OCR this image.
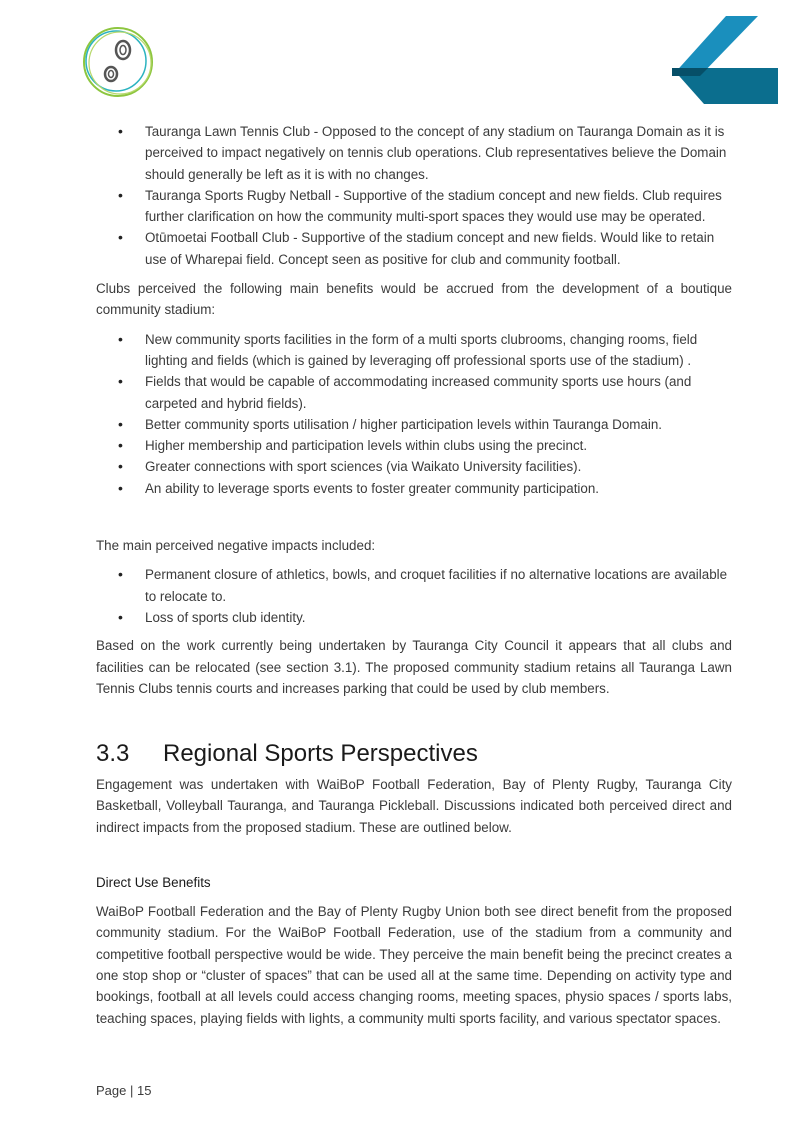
• Tauranga Lawn Tennis Club - Opposed to the concept of any stadium on Tauranga Domain as it is perceived to impact negatively on tennis club operations. Club representatives believe the Domain should generally be left as it is with no changes.
• Tauranga Sports Rugby Netball - Supportive of the stadium concept and new fields. Club requires further clarification on how the community multi-sport spaces they would use may be operated.
• Otūmoetai Football Club - Supportive of the stadium concept and new fields. Would like to retain use of Wharepai field. Concept seen as positive for club and community football.

Clubs perceived the following main benefits would be accrued from the development of a boutique community stadium:

• New community sports facilities in the form of a multi sports clubrooms, changing rooms, field lighting and fields (which is gained by leveraging off professional sports use of the stadium) .
• Fields that would be capable of accommodating increased community sports use hours (and carpeted and hybrid fields).
• Better community sports utilisation / higher participation levels within Tauranga Domain.
• Higher membership and participation levels within clubs using the precinct.
• Greater connections with sport sciences (via Waikato University facilities).
• An ability to leverage sports events to foster greater community participation.

The main perceived negative impacts included:

• Permanent closure of athletics, bowls, and croquet facilities if no alternative locations are available to relocate to.
• Loss of sports club identity.

Based on the work currently being undertaken by Tauranga City Council it appears that all clubs and facilities can be relocated (see section 3.1). The proposed community stadium retains all Tauranga Lawn Tennis Clubs tennis courts and increases parking that could be used by club members.

3.3	Regional Sports Perspectives

Engagement was undertaken with WaiBoP Football Federation, Bay of Plenty Rugby, Tauranga City Basketball, Volleyball Tauranga, and Tauranga Pickleball. Discussions indicated both perceived direct and indirect impacts from the proposed stadium. These are outlined below.

Direct Use Benefits

WaiBoP Football Federation and the Bay of Plenty Rugby Union both see direct benefit from the proposed community stadium. For the WaiBoP Football Federation, use of the stadium from a community and competitive football perspective would be wide. They perceive the main benefit being the precinct creates a one stop shop or “cluster of spaces” that can be used all at the same time. Depending on activity type and bookings, football at all levels could access changing rooms, meeting spaces, physio spaces / sports labs, teaching spaces, playing fields with lights, a community multi sports facility, and various spectator spaces.

Page | 15
